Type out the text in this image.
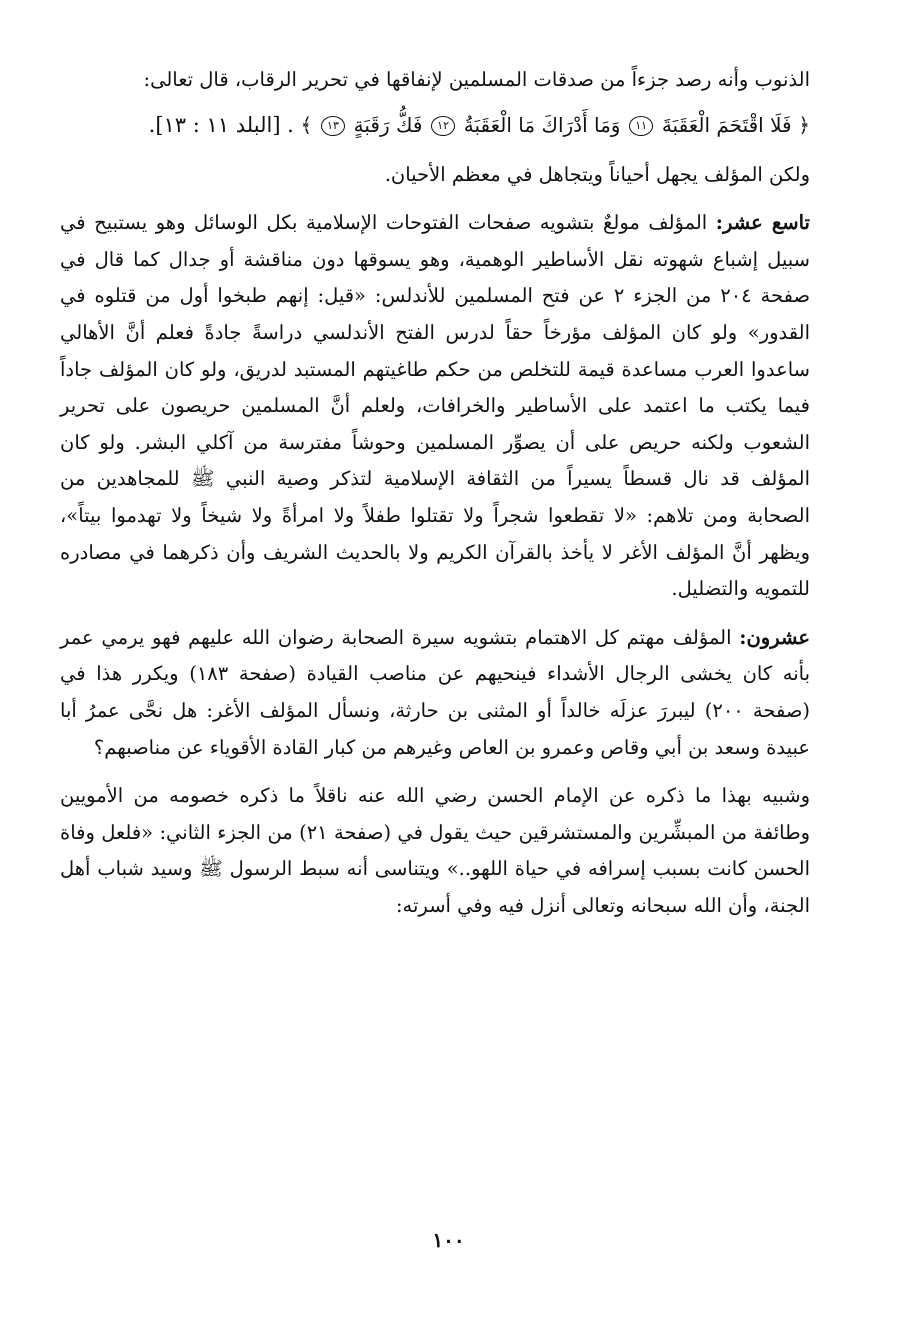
الذنوب وأنه رصد جزءاً من صدقات المسلمين لإنفاقها في تحرير الرقاب، قال تعالى:

﴿ فَلَا اقْتَحَمَ الْعَقَبَةَ ١١ وَمَا أَدْرَاكَ مَا الْعَقَبَةُ ١٢ فَكُّ رَقَبَةٍ ١٣ ﴾ . [البلد ١١ : ١٣].

ولكن المؤلف يجهل أحياناً ويتجاهل في معظم الأحيان.

تاسع عشر: المؤلف مولعٌ بتشويه صفحات الفتوحات الإسلامية بكل الوسائل وهو يستبيح في سبيل إشباع شهوته نقل الأساطير الوهمية، وهو يسوقها دون مناقشة أو جدال كما قال في صفحة ٢٠٤ من الجزء ٢ عن فتح المسلمين للأندلس: «قيل: إنهم طبخوا أول من قتلوه في القدور» ولو كان المؤلف مؤرخاً حقاً لدرس الفتح الأندلسي دراسةً جادةً فعلم أنَّ الأهالي ساعدوا العرب مساعدة قيمة للتخلص من حكم طاغيتهم المستبد لدريق، ولو كان المؤلف جاداً فيما يكتب ما اعتمد على الأساطير والخرافات، ولعلم أنَّ المسلمين حريصون على تحرير الشعوب ولكنه حريص على أن يصوِّر المسلمين وحوشاً مفترسة من آكلي البشر. ولو كان المؤلف قد نال قسطاً يسيراً من الثقافة الإسلامية لتذكر وصية النبي ﷺ للمجاهدين من الصحابة ومن تلاهم: «لا تقطعوا شجراً ولا تقتلوا طفلاً ولا امرأةً ولا شيخاً ولا تهدموا بيتاً»، ويظهر أنَّ المؤلف الأغر لا يأخذ بالقرآن الكريم ولا بالحديث الشريف وأن ذكرهما في مصادره للتمويه والتضليل.

عشرون: المؤلف مهتم كل الاهتمام بتشويه سيرة الصحابة رضوان الله عليهم فهو يرمي عمر بأنه كان يخشى الرجال الأشداء فينحيهم عن مناصب القيادة (صفحة ١٨٣) ويكرر هذا في (صفحة ٢٠٠) ليبررَ عزلَه خالداً أو المثنى بن حارثة، ونسأل المؤلف الأغر: هل نحَّى عمرُ أبا عبيدة وسعد بن أبي وقاص وعمرو بن العاص وغيرهم من كبار القادة الأقوياء عن مناصبهم؟

وشبيه بهذا ما ذكره عن الإمام الحسن رضي الله عنه ناقلاً ما ذكره خصومه من الأمويين وطائفة من المبشِّرين والمستشرقين حيث يقول في (صفحة ٢١) من الجزء الثاني: «فلعل وفاة الحسن كانت بسبب إسرافه في حياة اللهو..» ويتناسى أنه سبط الرسول ﷺ وسيد شباب أهل الجنة، وأن الله سبحانه وتعالى أنزل فيه وفي أسرته:

١٠٠
